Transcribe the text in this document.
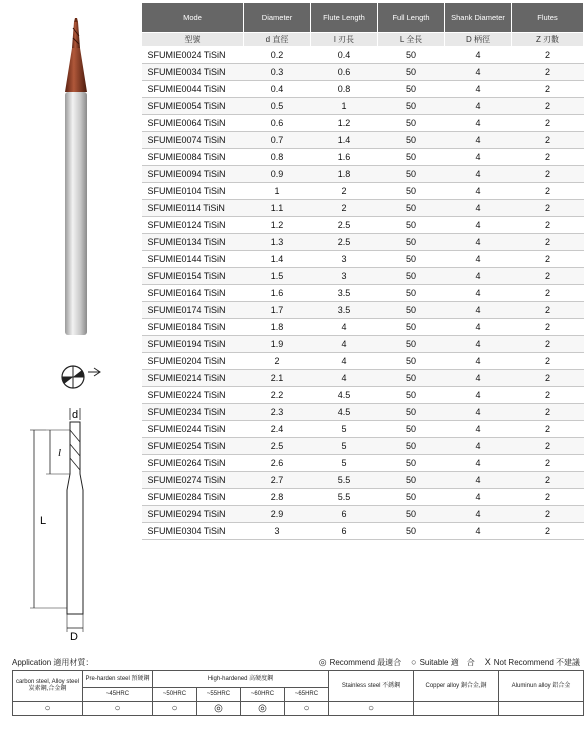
d
l
L
D
Mode	Diameter	Flute Length	Full Length	Shank Diameter	Flutes
型號	d 直徑	l 刃長	L 全長	D 柄徑	Z 刃數
SFUMIE0024 TiSiN	0.2	0.4	50	4	2
SFUMIE0034 TiSiN	0.3	0.6	50	4	2
SFUMIE0044 TiSiN	0.4	0.8	50	4	2
SFUMIE0054 TiSiN	0.5	1	50	4	2
SFUMIE0064 TiSiN	0.6	1.2	50	4	2
SFUMIE0074 TiSiN	0.7	1.4	50	4	2
SFUMIE0084 TiSiN	0.8	1.6	50	4	2
SFUMIE0094 TiSiN	0.9	1.8	50	4	2
SFUMIE0104 TiSiN	1	2	50	4	2
SFUMIE0114 TiSiN	1.1	2	50	4	2
SFUMIE0124 TiSiN	1.2	2.5	50	4	2
SFUMIE0134 TiSiN	1.3	2.5	50	4	2
SFUMIE0144 TiSiN	1.4	3	50	4	2
SFUMIE0154 TiSiN	1.5	3	50	4	2
SFUMIE0164 TiSiN	1.6	3.5	50	4	2
SFUMIE0174 TiSiN	1.7	3.5	50	4	2
SFUMIE0184 TiSiN	1.8	4	50	4	2
SFUMIE0194 TiSiN	1.9	4	50	4	2
SFUMIE0204 TiSiN	2	4	50	4	2
SFUMIE0214 TiSiN	2.1	4	50	4	2
SFUMIE0224 TiSiN	2.2	4.5	50	4	2
SFUMIE0234 TiSiN	2.3	4.5	50	4	2
SFUMIE0244 TiSiN	2.4	5	50	4	2
SFUMIE0254 TiSiN	2.5	5	50	4	2
SFUMIE0264 TiSiN	2.6	5	50	4	2
SFUMIE0274 TiSiN	2.7	5.5	50	4	2
SFUMIE0284 TiSiN	2.8	5.5	50	4	2
SFUMIE0294 TiSiN	2.9	6	50	4	2
SFUMIE0304 TiSiN	3	6	50	4	2
Application 適用材質：	◎ Recommend 最適合 ○ Suitable 適　合 X Not Recommend 不建議
carbon steel, Alloy steel 炭素鋼,合金鋼	Pre-harden steel 預硬鋼	High-hardened 高硬度鋼				Stainless steel 不銹鋼	Copper alloy 銅合金,銅	Aluminun alloy 鋁合金
	~45HRC	~50HRC	~55HRC	~60HRC	~65HRC			
○	○	○	◎	◎	○	○		
